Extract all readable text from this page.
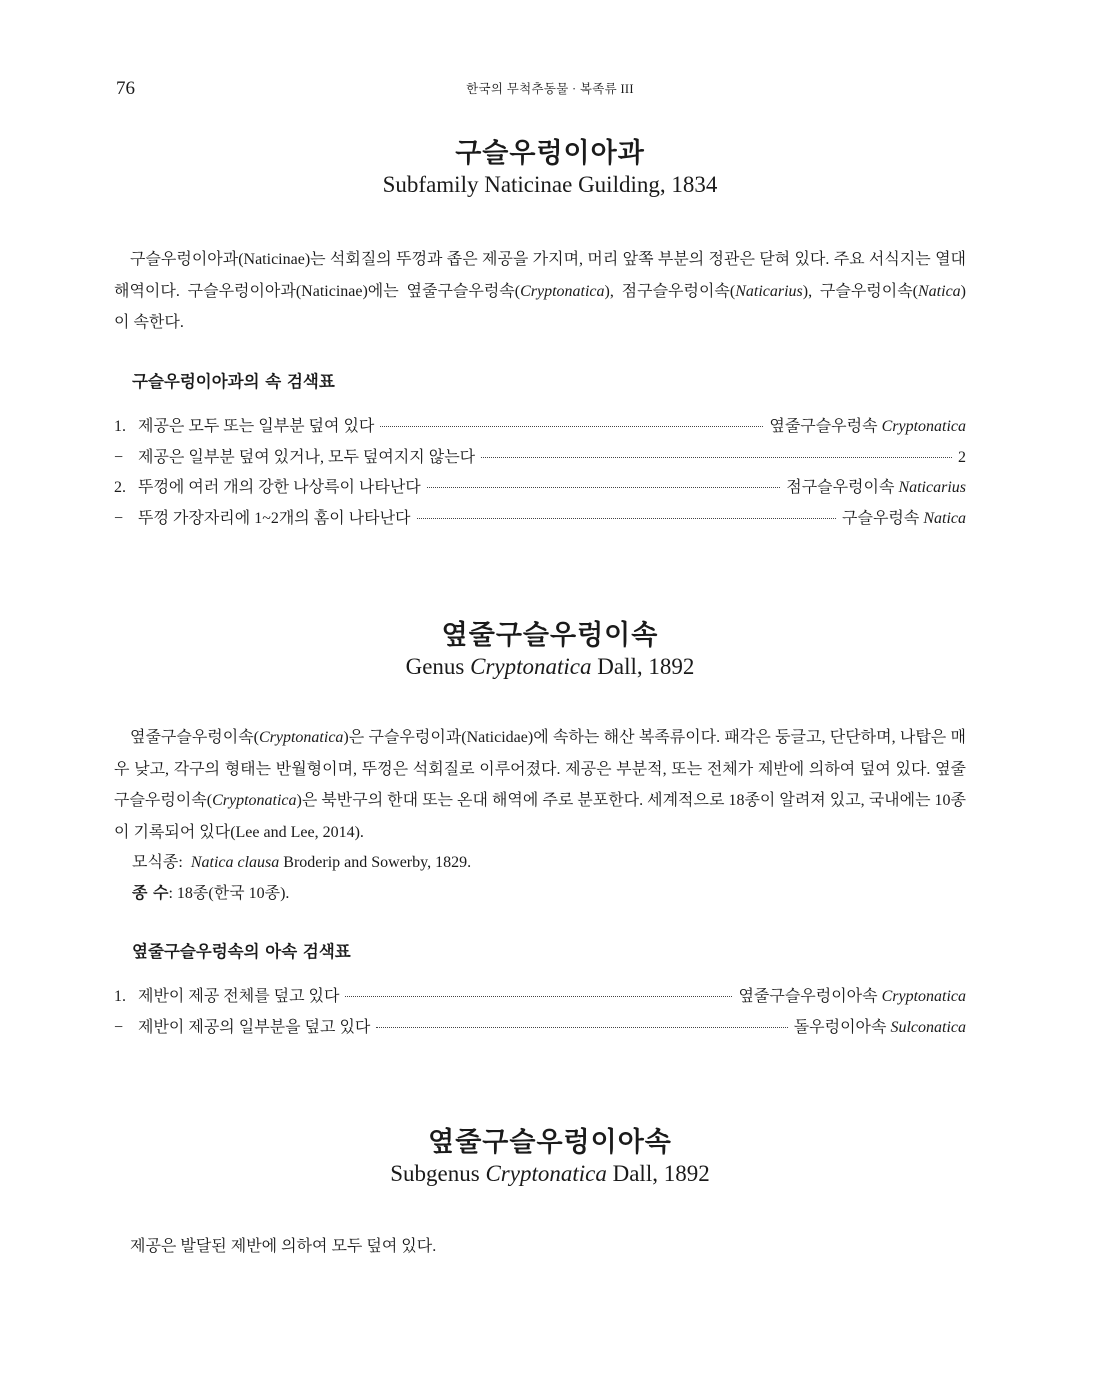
76	한국의 무척추동물 · 복족류 III
구슬우렁이아과
Subfamily Naticinae Guilding, 1834
구슬우렁이아과(Naticinae)는 석회질의 뚜껑과 좁은 제공을 가지며, 머리 앞쪽 부분의 정관은 닫혀 있다. 주요 서식지는 열대 해역이다. 구슬우렁이아과(Naticinae)에는 옆줄구슬우렁속(Cryptonatica), 점구슬우렁이속(Naticarius), 구슬우렁이속(Natica)이 속한다.
구슬우렁이아과의 속 검색표
1. 제공은 모두 또는 일부분 덮여 있다	옆줄구슬우렁속 Cryptonatica
− 제공은 일부분 덮여 있거나, 모두 덮여지지 않는다	2
2. 뚜껑에 여러 개의 강한 나상륵이 나타난다	점구슬우렁이속 Naticarius
− 뚜껑 가장자리에 1~2개의 홈이 나타난다	구슬우렁속 Natica
옆줄구슬우렁이속
Genus Cryptonatica Dall, 1892
옆줄구슬우렁이속(Cryptonatica)은 구슬우렁이과(Naticidae)에 속하는 해산 복족류이다. 패각은 둥글고, 단단하며, 나탑은 매우 낮고, 각구의 형태는 반월형이며, 뚜껑은 석회질로 이루어졌다. 제공은 부분적, 또는 전체가 제반에 의하여 덮여 있다. 옆줄구슬우렁이속(Cryptonatica)은 북반구의 한대 또는 온대 해역에 주로 분포한다. 세계적으로 18종이 알려져 있고, 국내에는 10종이 기록되어 있다(Lee and Lee, 2014).
모식종: Natica clausa Broderip and Sowerby, 1829.
종 수: 18종(한국 10종).
옆줄구슬우렁속의 아속 검색표
1. 제반이 제공 전체를 덮고 있다	옆줄구슬우렁이아속 Cryptonatica
− 제반이 제공의 일부분을 덮고 있다	돌우렁이아속 Sulconatica
옆줄구슬우렁이아속
Subgenus Cryptonatica Dall, 1892
제공은 발달된 제반에 의하여 모두 덮여 있다.
